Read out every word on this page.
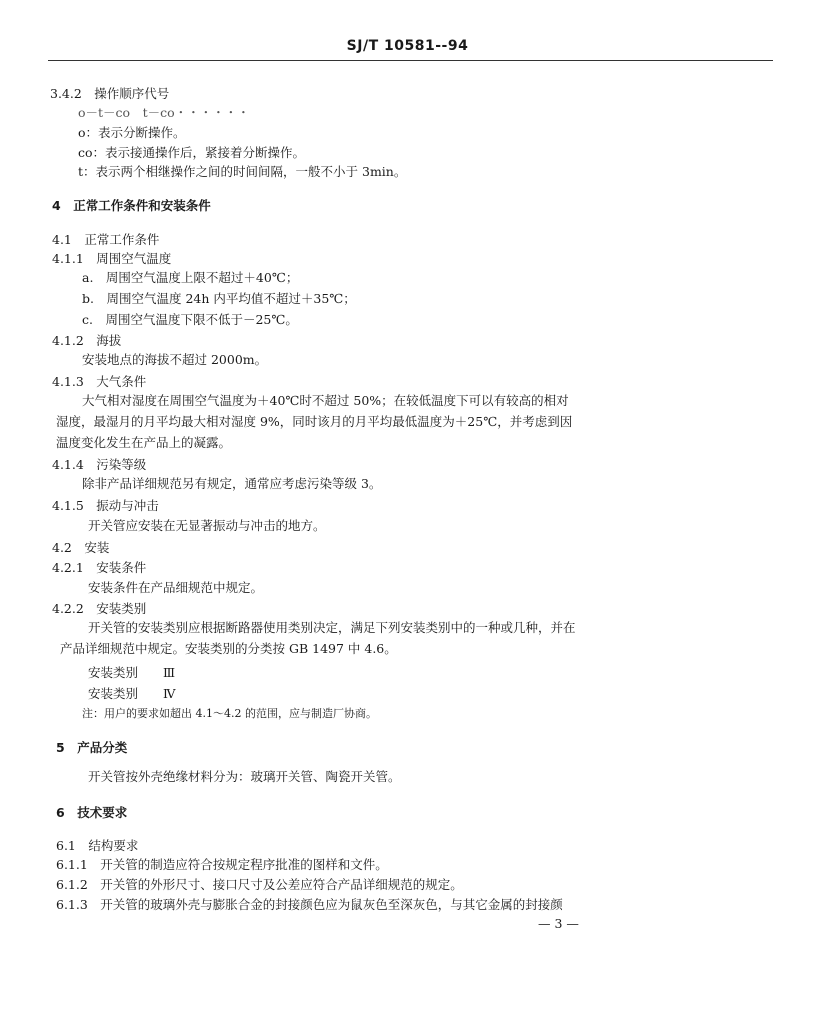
SJ/T 10581--94
3.4.2　操作顺序代号
o－t－co　t－co・・・・・・
o：表示分断操作。
co：表示接通操作后，紧接着分断操作。
t：表示两个相继操作之间的时间间隔，一般不小于 3min。
4　正常工作条件和安装条件
4.1　正常工作条件
4.1.1　周围空气温度
a.　周围空气温度上限不超过＋40℃；
b.　周围空气温度 24h 内平均值不超过＋35℃；
c.　周围空气温度下限不低于－25℃。
4.1.2　海拔
安装地点的海拔不超过 2000m。
4.1.3　大气条件
大气相对湿度在周围空气温度为＋40℃时不超过 50%；在较低温度下可以有较高的相对
湿度，最湿月的月平均最大相对湿度 9%，同时该月的月平均最低温度为＋25℃，并考虑到因
温度变化发生在产品上的凝露。
4.1.4　污染等级
除非产品详细规范另有规定，通常应考虑污染等级 3。
4.1.5　振动与冲击
开关管应安装在无显著振动与冲击的地方。
4.2　安装
4.2.1　安装条件
安装条件在产品细规范中规定。
4.2.2　安装类别
开关管的安装类别应根据断路器使用类别决定，满足下列安装类别中的一种或几种，并在
产品详细规范中规定。安装类别的分类按 GB 1497 中 4.6。
安装类别　　Ⅲ
安装类别　　Ⅳ
注：用户的要求如超出 4.1～4.2 的范围，应与制造厂协商。
5　产品分类
开关管按外壳绝缘材料分为：玻璃开关管、陶瓷开关管。
6　技术要求
6.1　结构要求
6.1.1　开关管的制造应符合按规定程序批准的图样和文件。
6.1.2　开关管的外形尺寸、接口尺寸及公差应符合产品详细规范的规定。
6.1.3　开关管的玻璃外壳与膨胀合金的封接颜色应为鼠灰色至深灰色，与其它金属的封接颜
— 3 —
